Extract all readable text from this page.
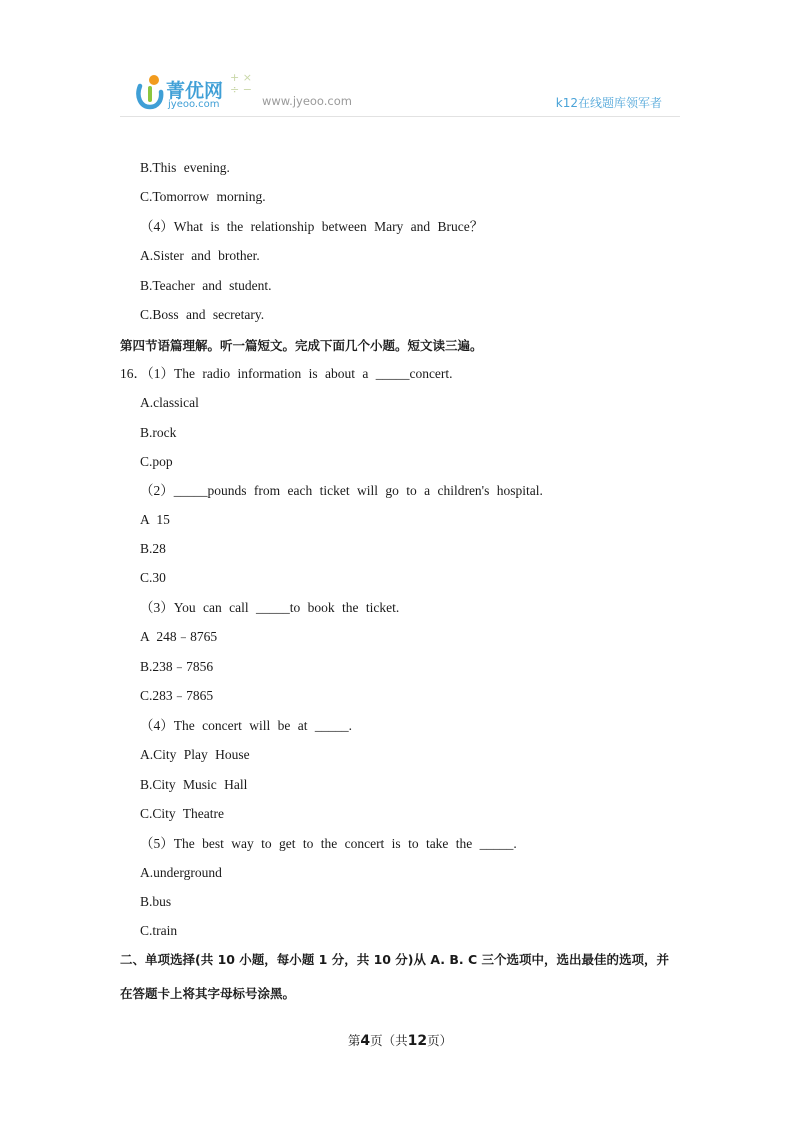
菁优网
jyeoo.com
+ ×
÷ −
www.jyeoo.com	k12在线题库领军者
B.This evening.
C.Tomorrow morning.
（4）What is the relationship between Mary and Bruce？
A.Sister and brother.
B.Teacher and student.
C.Boss and secretary.
第四节语篇理解。听一篇短文。完成下面几个小题。短文读三遍。
16．（1）The radio information is about a _____concert.
A.classical
B.rock
C.pop
（2）_____pounds from each ticket will go to a children's hospital.
A 15
B.28
C.30
（3）You can call _____to book the ticket.
A 248﹣8765
B.238﹣7856
C.283﹣7865
（4）The concert will be at _____.
A.City Play House
B.City Music Hall
C.City Theatre
（5）The best way to get to the concert is to take the _____.
A.underground
B.bus
C.train
二、单项选择(共 10 小题，每小题 1 分，共 10 分)从 A. B. C 三个选项中，选出最佳的选项，并
在答题卡上将其字母标号涂黑。
第4页（共12页）
